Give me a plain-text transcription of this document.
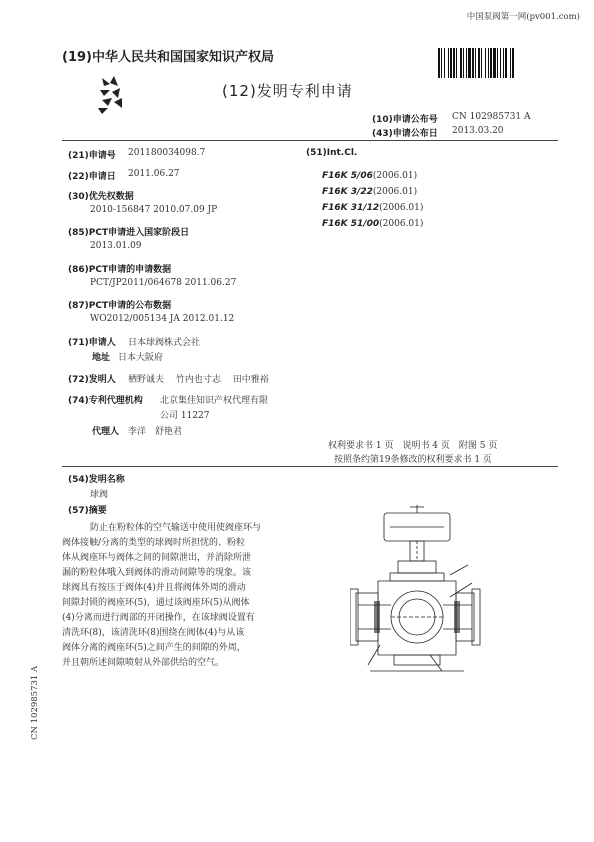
中国泵阀第一网(pv001.com)
(19)中华人民共和国国家知识产权局
(12)发明专利申请
(10)申请公布号 CN 102985731 A
(43)申请公布日 2013.03.20
(21)申请号 201180034098.7
(22)申请日 2011.06.27
(30)优先权数据
2010-156847 2010.07.09 JP
(85)PCT申请进入国家阶段日
2013.01.09
(86)PCT申请的申请数据
PCT/JP2011/064678 2011.06.27
(87)PCT申请的公布数据
WO2012/005134 JA 2012.01.12
(71)申请人 日本球阀株式会社
地址 日本大阪府
(72)发明人 栖野诚夫　 竹内也寸志　 田中雅裕
(74)专利代理机构 北京集佳知识产权代理有限
公司 11227
代理人 李洋　舒艳君
(51)Int.Cl.
F16K 5/06(2006.01)
F16K 3/22(2006.01)
F16K 31/12(2006.01)
F16K 51/00(2006.01)
权利要求书 1 页　说明书 4 页　附图 5 页
按照条约第19条修改的权利要求书 1 页
(54)发明名称
球阀
(57)摘要
防止在粉粒体的空气输送中使用使阀座环与
阀体接触/分离的类型的球阀时所担忧的、粉粒
体从阀座环与阀体之间的间隙泄出，并消除所泄
漏的粉粒体哦入到阀体的滑动间隙等的现象。该
球阀具有按压于阀体(4)并且将阀体外周的滑动
间隙封锁的阀座环(5)，通过该阀座环(5)从阀体
(4)分离而进行阀部的开闭操作，在该球阀设置有
清洗环(8)，该清洗环(8)围绕在阀体(4)与从该
阀体分离的阀座环(5)之间产生的间隙的外周，
并且朝所述间隙喷射从外部供给的空气。
CN 102985731 A
